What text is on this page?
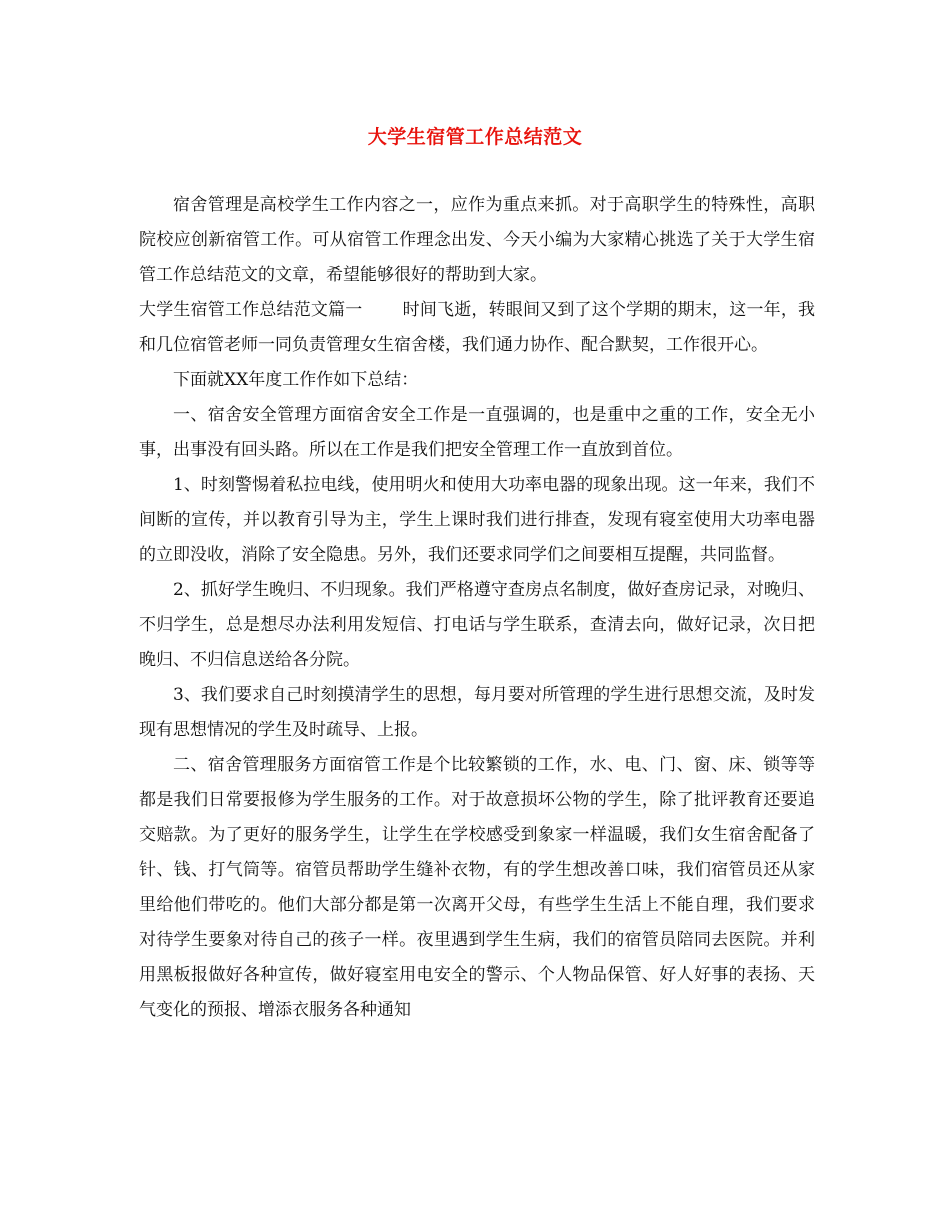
大学生宿管工作总结范文

宿舍管理是高校学生工作内容之一，应作为重点来抓。对于高职学生的特殊性，高职院校应创新宿管工作。可从宿管工作理念出发、今天小编为大家精心挑选了关于大学生宿管工作总结范文的文章，希望能够很好的帮助到大家。

大学生宿管工作总结范文篇一 时间飞逝，转眼间又到了这个学期的期末，这一年，我和几位宿管老师一同负责管理女生宿舍楼，我们通力协作、配合默契，工作很开心。

下面就XX年度工作作如下总结：

一、宿舍安全管理方面宿舍安全工作是一直强调的，也是重中之重的工作，安全无小事，出事没有回头路。所以在工作是我们把安全管理工作一直放到首位。

1、时刻警惕着私拉电线，使用明火和使用大功率电器的现象出现。这一年来，我们不间断的宣传，并以教育引导为主，学生上课时我们进行排查，发现有寝室使用大功率电器的立即没收，消除了安全隐患。另外，我们还要求同学们之间要相互提醒，共同监督。

2、抓好学生晚归、不归现象。我们严格遵守查房点名制度，做好查房记录，对晚归、不归学生，总是想尽办法利用发短信、打电话与学生联系，查清去向，做好记录，次日把晚归、不归信息送给各分院。

3、我们要求自己时刻摸清学生的思想，每月要对所管理的学生进行思想交流，及时发现有思想情况的学生及时疏导、上报。

二、宿舍管理服务方面宿管工作是个比较繁锁的工作，水、电、门、窗、床、锁等等都是我们日常要报修为学生服务的工作。对于故意损坏公物的学生，除了批评教育还要追交赔款。为了更好的服务学生，让学生在学校感受到象家一样温暖，我们女生宿舍配备了针、钱、打气筒等。宿管员帮助学生缝补衣物，有的学生想改善口味，我们宿管员还从家里给他们带吃的。他们大部分都是第一次离开父母，有些学生生活上不能自理，我们要求对待学生要象对待自己的孩子一样。夜里遇到学生生病，我们的宿管员陪同去医院。并利用黑板报做好各种宣传，做好寝室用电安全的警示、个人物品保管、好人好事的表扬、天气变化的预报、增添衣服务各种通知
